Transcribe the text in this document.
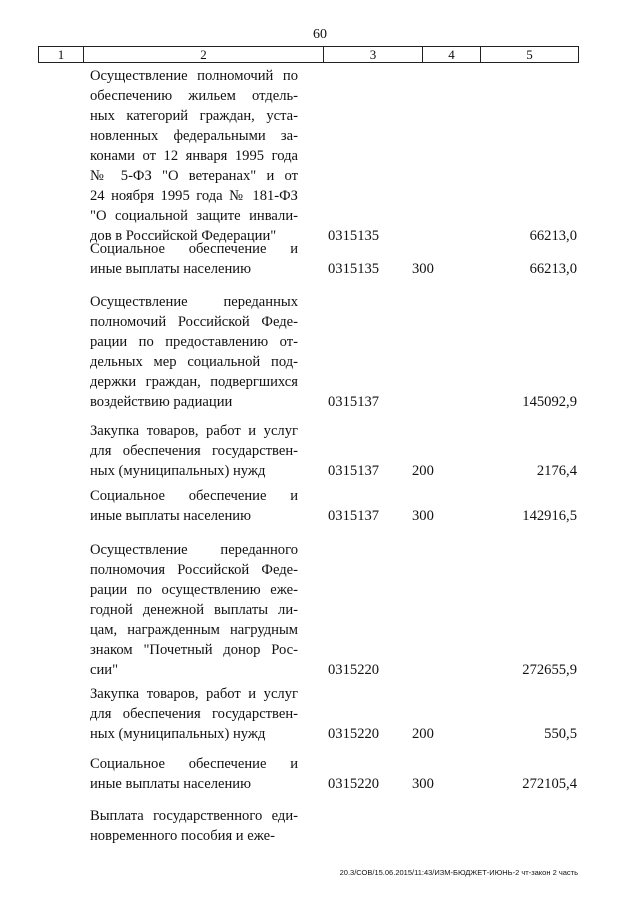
60
1	2	3	4	5
Осуществление полномочий по
обеспечению жильем отдель-
ных категорий граждан, уста-
новленных федеральными за-
конами от 12 января 1995 года
№ 5-ФЗ "О ветеранах" и от
24 ноября 1995 года № 181-ФЗ
"О социальной защите инвали-
дов в Российской Федерации"	0315135	66213,0
Социальное обеспечение и
иные выплаты населению	0315135 300	66213,0
Осуществление переданных
полномочий Российской Феде-
рации по предоставлению от-
дельных мер социальной под-
держки граждан, подвергшихся
воздействию радиации	0315137	145092,9
Закупка товаров, работ и услуг
для обеспечения государствен-
ных (муниципальных) нужд	0315137 200	2176,4
Социальное обеспечение и
иные выплаты населению	0315137 300	142916,5
Осуществление переданного
полномочия Российской Феде-
рации по осуществлению еже-
годной денежной выплаты ли-
цам, награжденным нагрудным
знаком "Почетный донор Рос-
сии"	0315220	272655,9
Закупка товаров, работ и услуг
для обеспечения государствен-
ных (муниципальных) нужд	0315220 200	550,5
Социальное обеспечение и
иные выплаты населению	0315220 300	272105,4
Выплата государственного еди-
новременного пособия и еже-
20.3/СОВ/15.06.2015/11:43/ИЗМ-БЮДЖЕТ-ИЮНЬ-2 чт-закон 2 часть
